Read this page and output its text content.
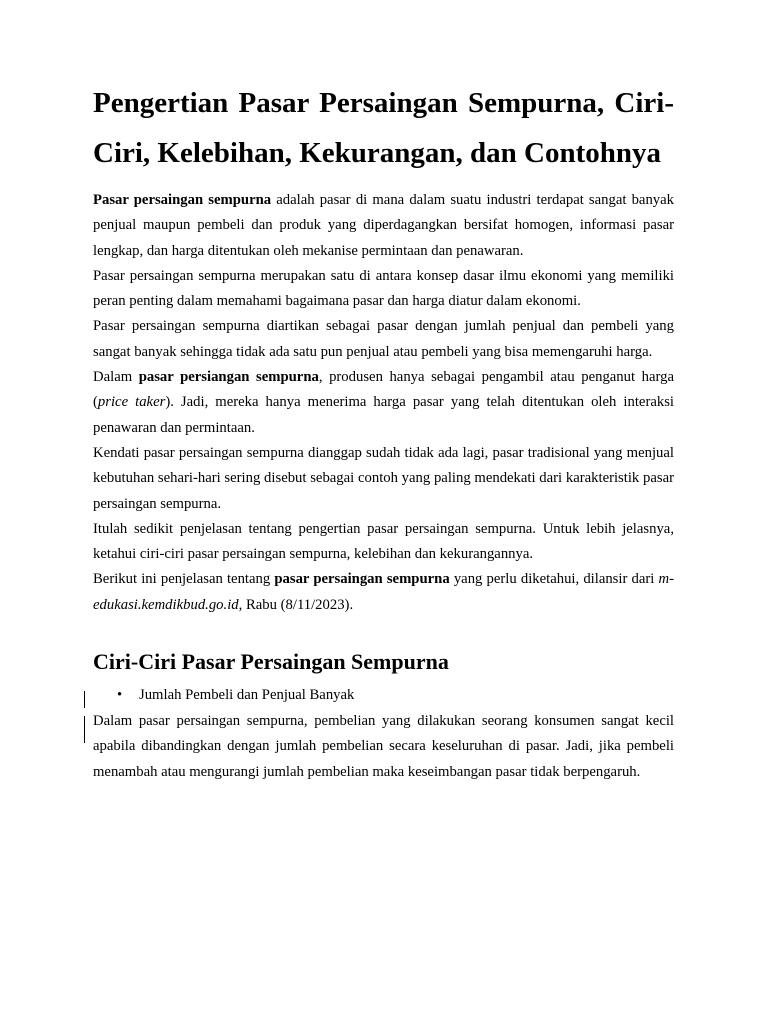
Pengertian Pasar Persaingan Sempurna, Ciri-Ciri, Kelebihan, Kekurangan, dan Contohnya

Pasar persaingan sempurna adalah pasar di mana dalam suatu industri terdapat sangat banyak penjual maupun pembeli dan produk yang diperdagangkan bersifat homogen, informasi pasar lengkap, dan harga ditentukan oleh mekanise permintaan dan penawaran.

Pasar persaingan sempurna merupakan satu di antara konsep dasar ilmu ekonomi yang memiliki peran penting dalam memahami bagaimana pasar dan harga diatur dalam ekonomi.

Pasar persaingan sempurna diartikan sebagai pasar dengan jumlah penjual dan pembeli yang sangat banyak sehingga tidak ada satu pun penjual atau pembeli yang bisa memengaruhi harga.

Dalam pasar persiangan sempurna, produsen hanya sebagai pengambil atau penganut harga (price taker). Jadi, mereka hanya menerima harga pasar yang telah ditentukan oleh interaksi penawaran dan permintaan.

Kendati pasar persaingan sempurna dianggap sudah tidak ada lagi, pasar tradisional yang menjual kebutuhan sehari-hari sering disebut sebagai contoh yang paling mendekati dari karakteristik pasar persaingan sempurna.

Itulah sedikit penjelasan tentang pengertian pasar persaingan sempurna. Untuk lebih jelasnya, ketahui ciri-ciri pasar persaingan sempurna, kelebihan dan kekurangannya.

Berikut ini penjelasan tentang pasar persaingan sempurna yang perlu diketahui, dilansir dari m-edukasi.kemdikbud.go.id, Rabu (8/11/2023).

Ciri-Ciri Pasar Persaingan Sempurna
• Jumlah Pembeli dan Penjual Banyak

Dalam pasar persaingan sempurna, pembelian yang dilakukan seorang konsumen sangat kecil apabila dibandingkan dengan jumlah pembelian secara keseluruhan di pasar. Jadi, jika pembeli menambah atau mengurangi jumlah pembelian maka keseimbangan pasar tidak berpengaruh.
